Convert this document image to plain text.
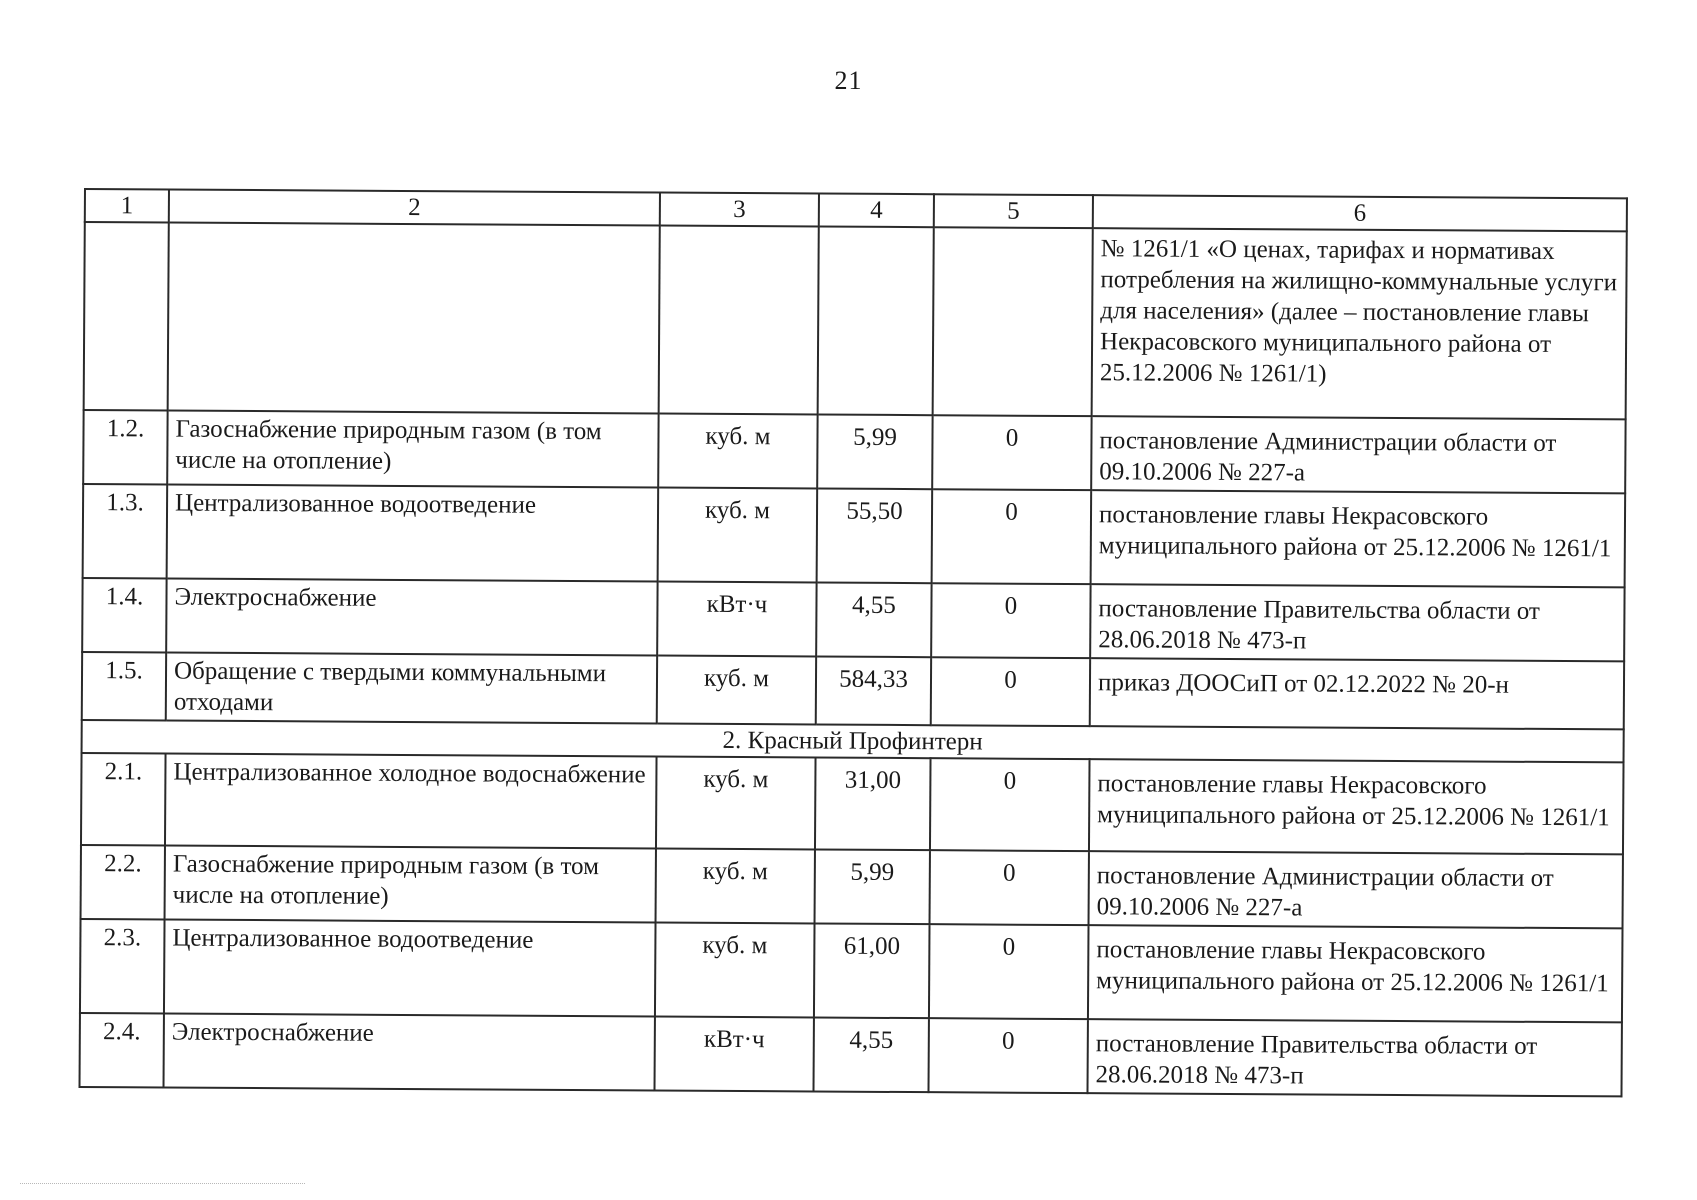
21
1	2	3	4	5	6
					№ 1261/1 «О ценах, тарифах и нормативах потребления на жилищно-коммунальные услуги для населения» (далее – постановление главы Некрасовского муниципального района от 25.12.2006 № 1261/1)
1.2.	Газоснабжение природным газом (в том числе на отопление)	куб. м	5,99	0	постановление Администрации области от 09.10.2006 № 227-а
1.3.	Централизованное водоотведение	куб. м	55,50	0	постановление главы Некрасовского муниципального района от 25.12.2006 № 1261/1
1.4.	Электроснабжение	кВт·ч	4,55	0	постановление Правительства области от 28.06.2018 № 473-п
1.5.	Обращение с твердыми коммунальными отходами	куб. м	584,33	0	приказ ДООСиП от 02.12.2022 № 20-н
2. Красный Профинтерн					
2.1.	Централизованное холодное водоснабжение	куб. м	31,00	0	постановление главы Некрасовского муниципального района от 25.12.2006 № 1261/1
2.2.	Газоснабжение природным газом (в том числе на отопление)	куб. м	5,99	0	постановление Администрации области от 09.10.2006 № 227-а
2.3.	Централизованное водоотведение	куб. м	61,00	0	постановление главы Некрасовского муниципального района от 25.12.2006 № 1261/1
2.4.	Электроснабжение	кВт·ч	4,55	0	постановление Правительства области от 28.06.2018 № 473-п
